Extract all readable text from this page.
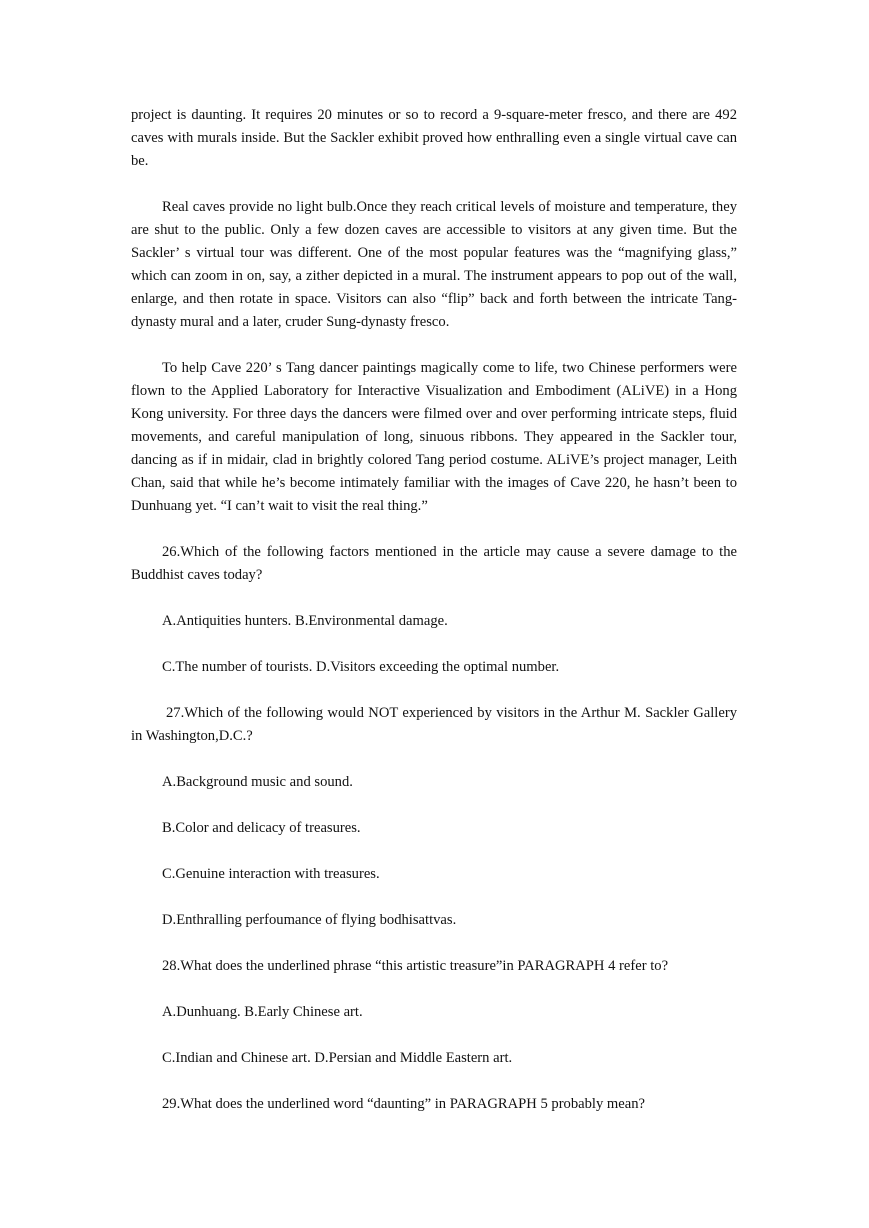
project is daunting. It requires 20 minutes or so to record a 9-square-meter fresco, and there are 492 caves with murals inside. But the Sackler exhibit proved how enthralling even a single virtual cave can be.

Real caves provide no light bulb.Once they reach critical levels of moisture and temperature, they are shut to the public. Only a few dozen caves are accessible to visitors at any given time. But the Sackler’ s virtual tour was different. One of the most popular features was the “magnifying glass,” which can zoom in on, say, a zither depicted in a mural. The instrument appears to pop out of the wall, enlarge, and then rotate in space. Visitors can also “flip” back and forth between the intricate Tang-dynasty mural and a later, cruder Sung-dynasty fresco.

To help Cave 220’ s Tang dancer paintings magically come to life, two Chinese performers were flown to the Applied Laboratory for Interactive Visualization and Embodiment (ALiVE) in a Hong Kong university. For three days the dancers were filmed over and over performing intricate steps, fluid movements, and careful manipulation of long, sinuous ribbons. They appeared in the Sackler tour, dancing as if in midair, clad in brightly colored Tang period costume. ALiVE’s project manager, Leith Chan, said that while he’s become intimately familiar with the images of Cave 220, he hasn’t been to Dunhuang yet. “I can’t wait to visit the real thing.”

26.Which of the following factors mentioned in the article may cause a severe damage to the Buddhist caves today?

A.Antiquities hunters. B.Environmental damage.

C.The number of tourists. D.Visitors exceeding the optimal number.

27.Which of the following would NOT experienced by visitors in the Arthur M. Sackler Gallery in Washington,D.C.?

A.Background music and sound.

B.Color and delicacy of treasures.

C.Genuine interaction with treasures.

D.Enthralling perfoumance of flying bodhisattvas.

28.What does the underlined phrase “this artistic treasure”in PARAGRAPH 4 refer to?

A.Dunhuang. B.Early Chinese art.

C.Indian and Chinese art. D.Persian and Middle Eastern art.

29.What does the underlined word “daunting” in PARAGRAPH 5 probably mean?
